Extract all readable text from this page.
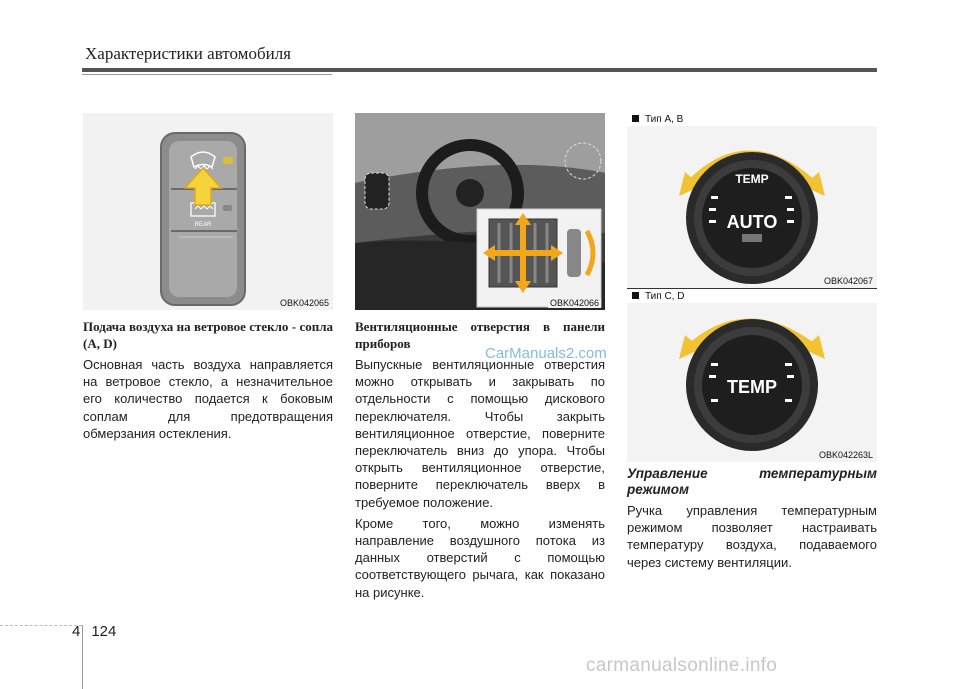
Характеристики автомобиля
REAR
OBK042065	OBK042066
Тип A, B
TEMP
AUTO
OBK042067
Тип C, D
TEMP
OBK042263L
Подача воздуха на ветровое стекло - сопла (А, D)

Основная часть воздуха направляется на ветровое стекло, а незначительное его количество подается к боковым соплам для предотвращения обмерзания остекления.

Вентиляционные отверстия в панели приборов

Выпускные вентиляционные отверстия можно открывать и закрывать по отдельности с помощью дискового переключателя. Чтобы закрыть вентиляционное отверстие, поверните переключатель вниз до упора. Чтобы открыть вентиляционное отверстие, поверните переключатель вверх в требуемое положение.

Кроме того, можно изменять направление воздушного потока из данных отверстий с помощью соответствующего рычага, как показано на рисунке.

Управление температурным режимом

Ручка управления температурным режимом позволяет настраивать температуру воздуха, подаваемого через систему вентиляции.

CarManuals2.com
4 124
carmanualsonline.info
